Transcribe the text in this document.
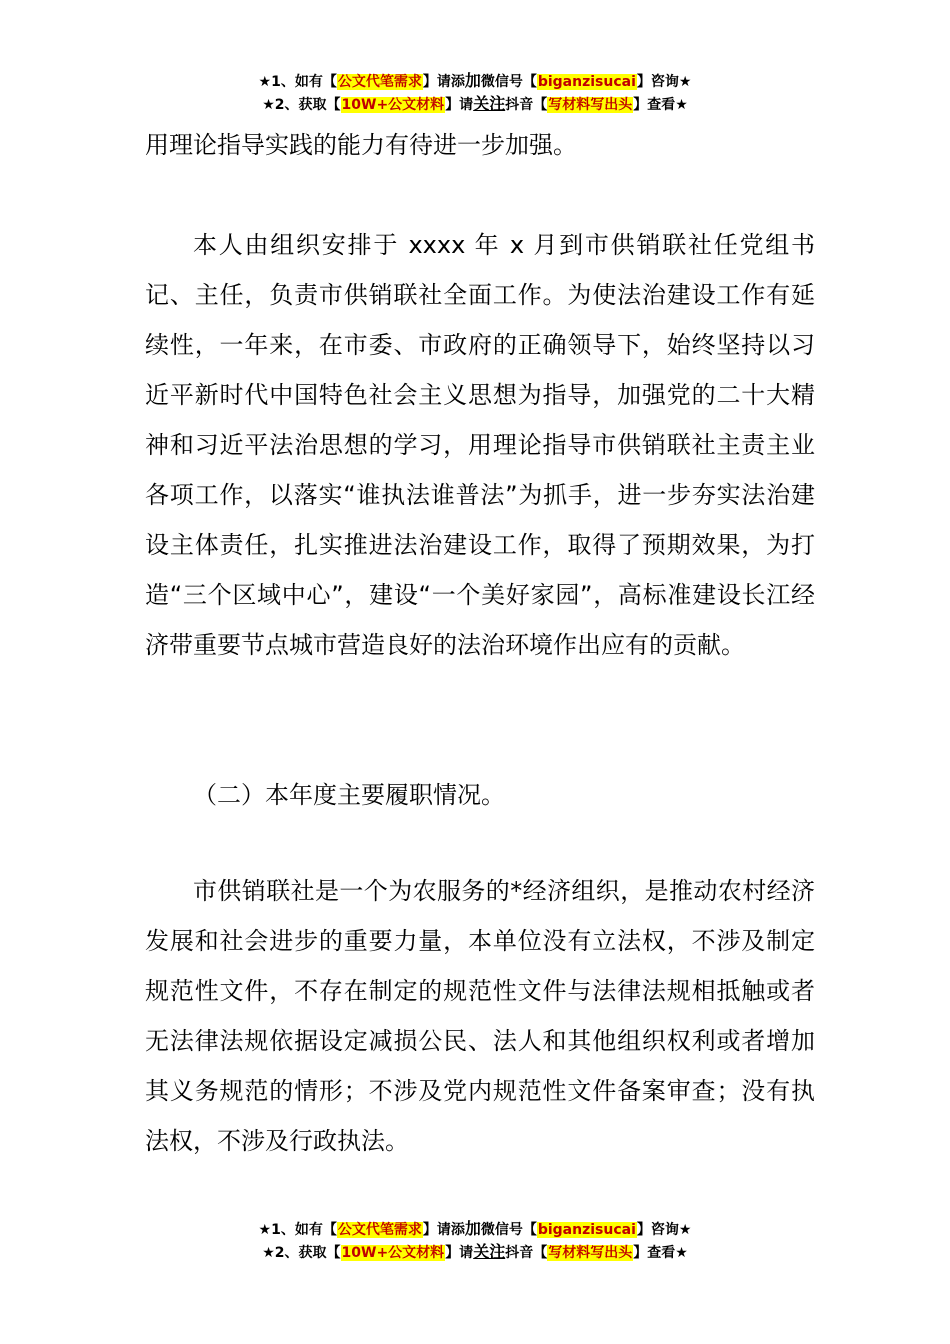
★1、如有【公文代笔需求】请添加微信号【biganzisucai】咨询★
★2、获取【10W+公文材料】请关注抖音【写材料写出头】查看★

用理论指导实践的能力有待进一步加强。

本人由组织安排于 xxxx 年 x 月到市供销联社任党组书记、主任，负责市供销联社全面工作。为使法治建设工作有延续性，一年来，在市委、市政府的正确领导下，始终坚持以习近平新时代中国特色社会主义思想为指导，加强党的二十大精神和习近平法治思想的学习，用理论指导市供销联社主责主业各项工作，以落实“谁执法谁普法”为抓手，进一步夯实法治建设主体责任，扎实推进法治建设工作，取得了预期效果，为打造“三个区域中心”，建设“一个美好家园”，高标准建设长江经济带重要节点城市营造良好的法治环境作出应有的贡献。

（二）本年度主要履职情况。

市供销联社是一个为农服务的*经济组织，是推动农村经济发展和社会进步的重要力量，本单位没有立法权，不涉及制定规范性文件，不存在制定的规范性文件与法律法规相抵触或者无法律法规依据设定减损公民、法人和其他组织权利或者增加其义务规范的情形；不涉及党内规范性文件备案审查；没有执法权，不涉及行政执法。

★1、如有【公文代笔需求】请添加微信号【biganzisucai】咨询★
★2、获取【10W+公文材料】请关注抖音【写材料写出头】查看★
